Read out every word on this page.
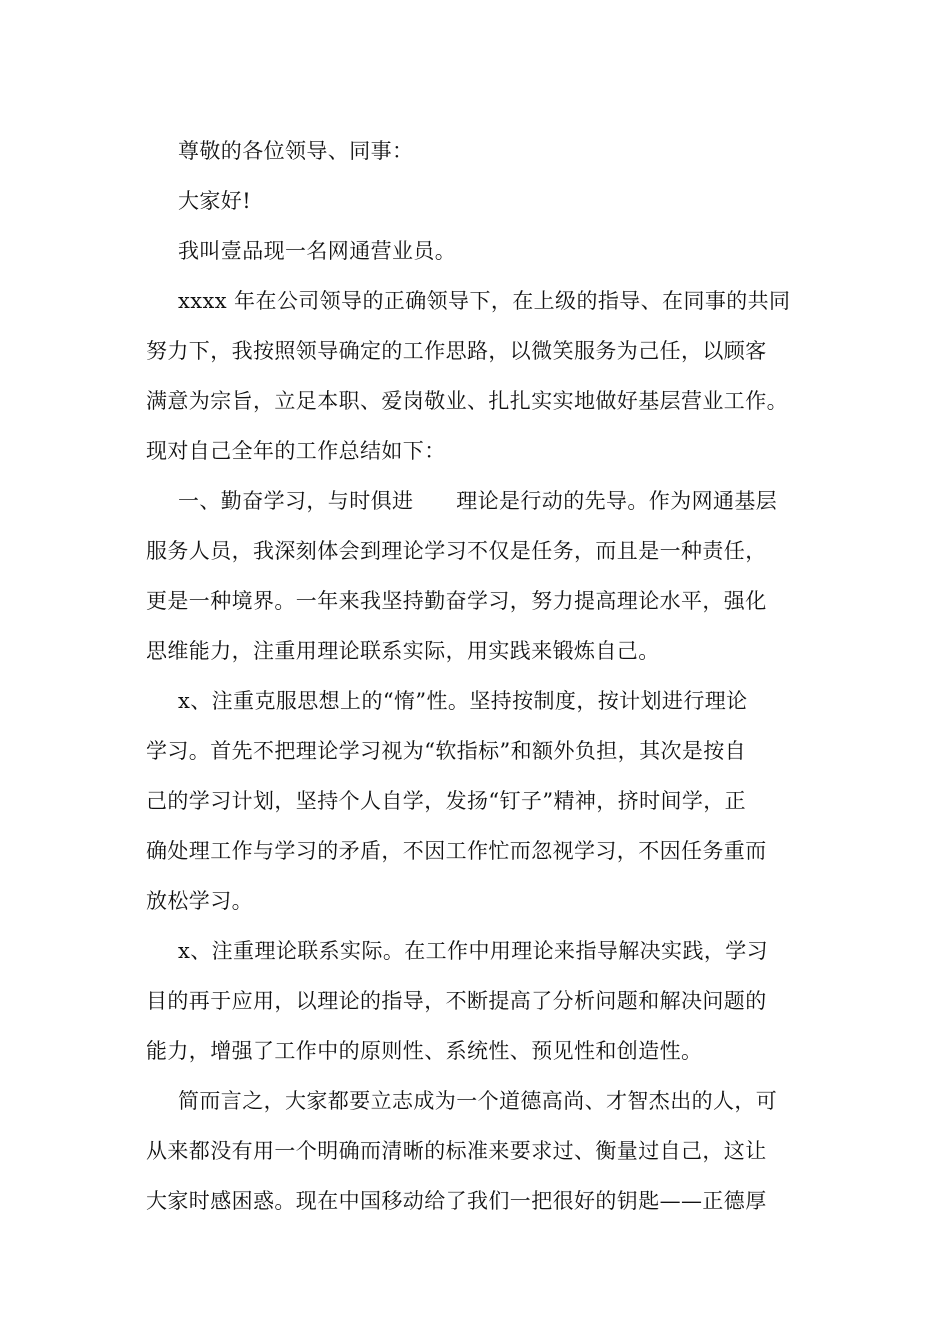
尊敬的各位领导、同事：
大家好!
我叫壹品现一名网通营业员。
xxxx 年在公司领导的正确领导下，在上级的指导、在同事的共同
努力下，我按照领导确定的工作思路，以微笑服务为己任，以顾客
满意为宗旨，立足本职、爱岗敬业、扎扎实实地做好基层营业工作。
现对自己全年的工作总结如下：
一、勤奋学习，与时俱进　　理论是行动的先导。作为网通基层
服务人员，我深刻体会到理论学习不仅是任务，而且是一种责任，
更是一种境界。一年来我坚持勤奋学习，努力提高理论水平，强化
思维能力，注重用理论联系实际，用实践来锻炼自己。
x、注重克服思想上的“惰”性。坚持按制度，按计划进行理论
学习。首先不把理论学习视为“软指标”和额外负担，其次是按自
己的学习计划，坚持个人自学，发扬“钉子”精神，挤时间学，正
确处理工作与学习的矛盾，不因工作忙而忽视学习，不因任务重而
放松学习。
x、注重理论联系实际。在工作中用理论来指导解决实践，学习
目的再于应用，以理论的指导，不断提高了分析问题和解决问题的
能力，增强了工作中的原则性、系统性、预见性和创造性。
简而言之，大家都要立志成为一个道德高尚、才智杰出的人，可
从来都没有用一个明确而清晰的标准来要求过、衡量过自己，这让
大家时感困惑。现在中国移动给了我们一把很好的钥匙——正德厚
